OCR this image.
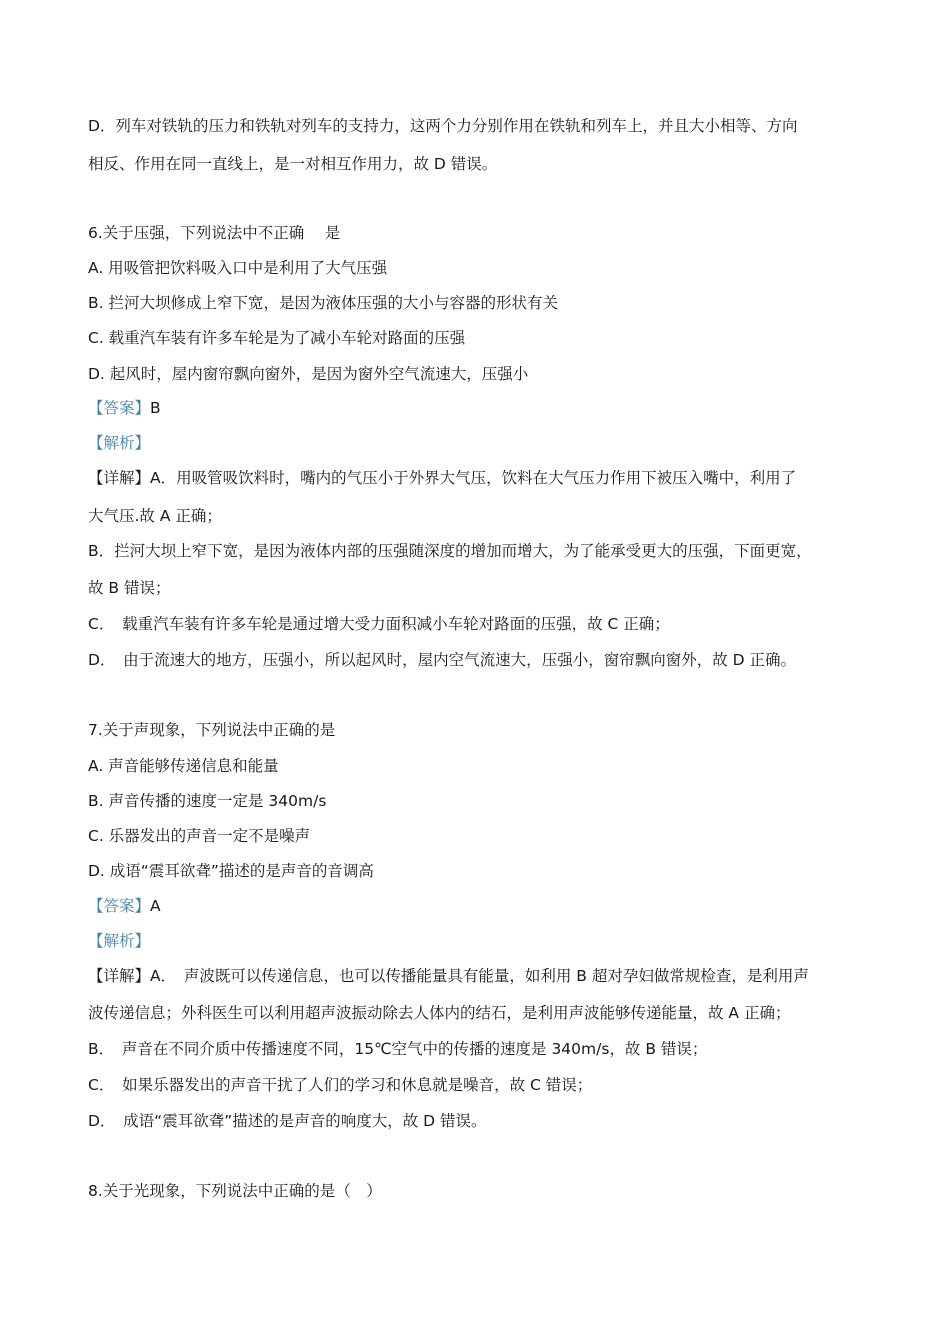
D．列车对铁轨的压力和铁轨对列车的支持力，这两个力分别作用在铁轨和列车上，并且大小相等、方向
相反、作用在同一直线上，是一对相互作用力，故 D 错误。
6.关于压强，下列说法中不正确　 是
A. 用吸管把饮料吸入口中是利用了大气压强
B. 拦河大坝修成上窄下宽，是因为液体压强的大小与容器的形状有关
C. 载重汽车装有许多车轮是为了减小车轮对路面的压强
D. 起风时，屋内窗帘飘向窗外，是因为窗外空气流速大，压强小
【答案】B
【解析】
【详解】A．用吸管吸饮料时，嘴内的气压小于外界大气压，饮料在大气压力作用下被压入嘴中，利用了
大气压.故 A 正确；
B．拦河大坝上窄下宽，是因为液体内部的压强随深度的增加而增大，为了能承受更大的压强，下面更宽，
故 B 错误；
C．　载重汽车装有许多车轮是通过增大受力面积减小车轮对路面的压强，故 C 正确；
D．　由于流速大的地方，压强小，所以起风时，屋内空气流速大，压强小，窗帘飘向窗外，故 D 正确。
7.关于声现象，下列说法中正确的是
A. 声音能够传递信息和能量
B. 声音传播的速度一定是 340m/s
C. 乐器发出的声音一定不是噪声
D. 成语“震耳欲聋”描述的是声音的音调高
【答案】A
【解析】
【详解】A．　声波既可以传递信息，也可以传播能量具有能量，如利用 B 超对孕妇做常规检查，是利用声
波传递信息；外科医生可以利用超声波振动除去人体内的结石，是利用声波能够传递能量，故 A 正确；
B．　声音在不同介质中传播速度不同，15℃空气中的传播的速度是 340m/s，故 B 错误；
C．　如果乐器发出的声音干扰了人们的学习和休息就是噪音，故 C 错误；
D．　成语“震耳欲聋”描述的是声音的响度大，故 D 错误。
8.关于光现象，下列说法中正确的是（　）
